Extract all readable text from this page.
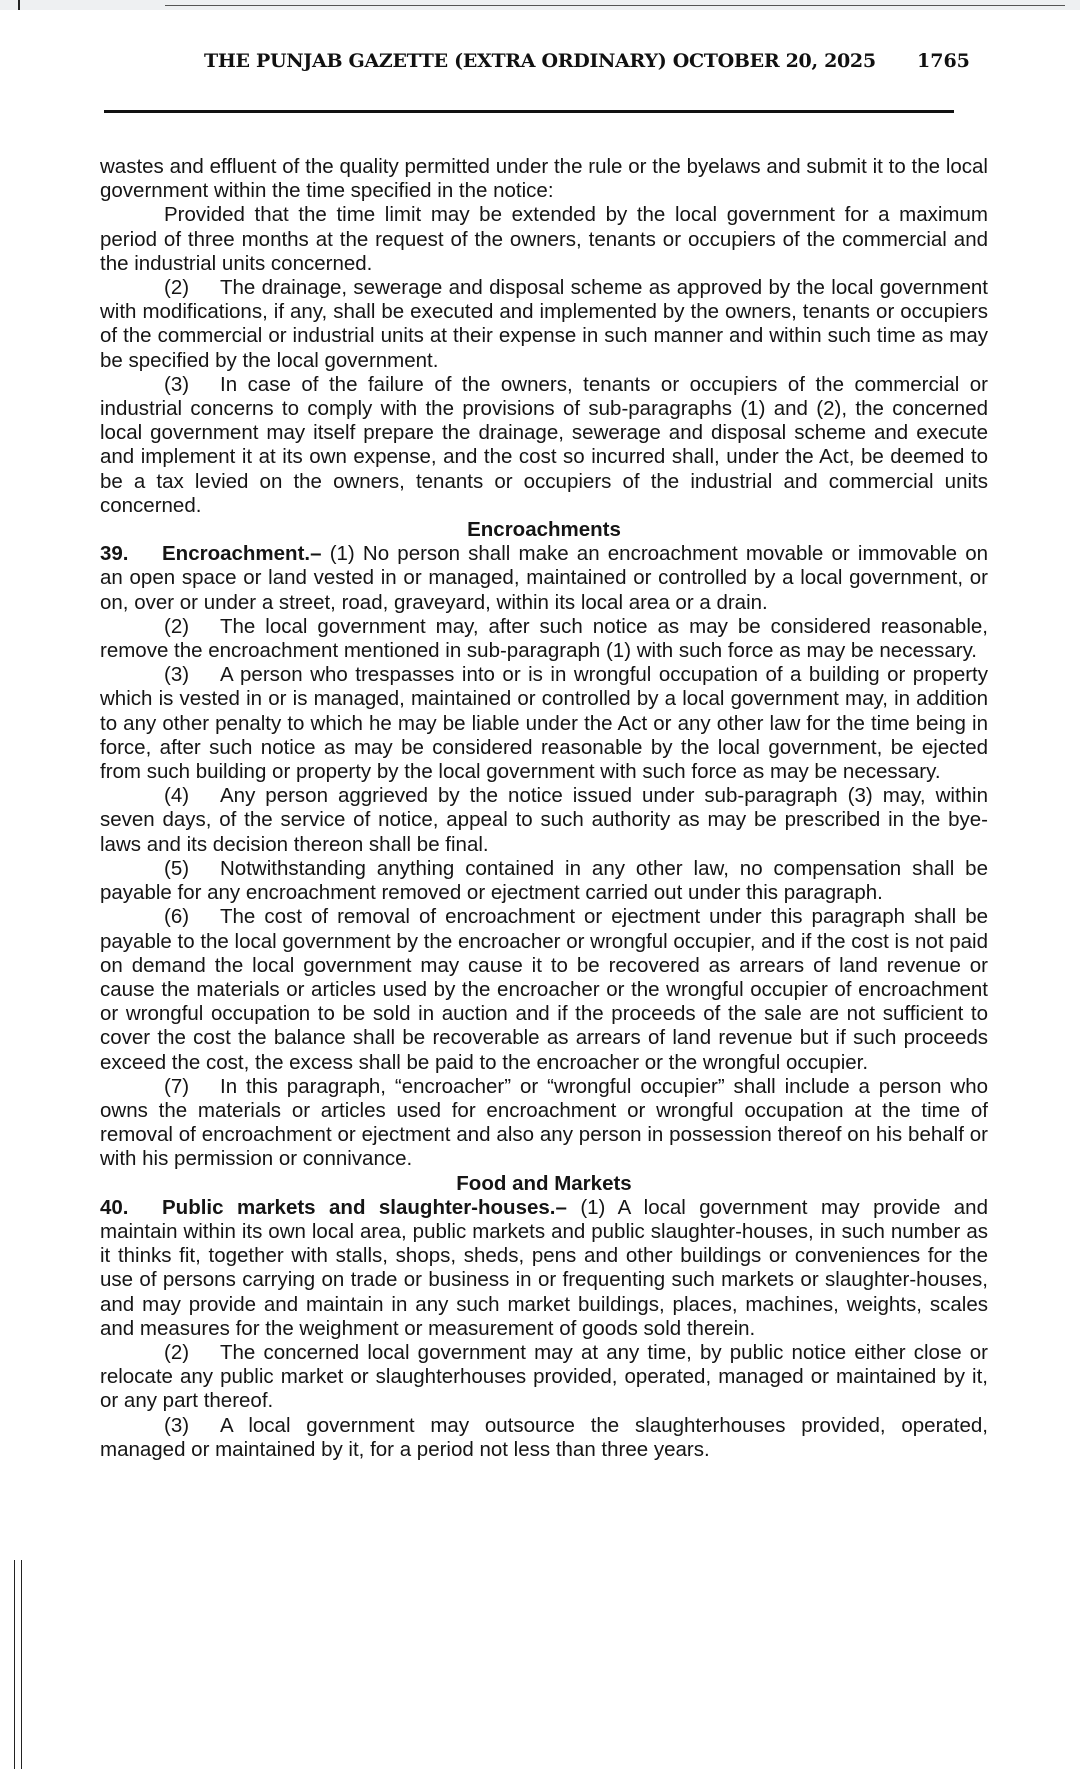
THE PUNJAB GAZETTE (EXTRA ORDINARY) OCTOBER 20, 2025 1765

wastes and effluent of the quality permitted under the rule or the byelaws and submit it to the local government within the time specified in the notice:

Provided that the time limit may be extended by the local government for a maximum period of three months at the request of the owners, tenants or occupiers of the commercial and the industrial units concerned.

(2) The drainage, sewerage and disposal scheme as approved by the local government with modifications, if any, shall be executed and implemented by the owners, tenants or occupiers of the commercial or industrial units at their expense in such manner and within such time as may be specified by the local government.

(3) In case of the failure of the owners, tenants or occupiers of the commercial or industrial concerns to comply with the provisions of sub-paragraphs (1) and (2), the concerned local government may itself prepare the drainage, sewerage and disposal scheme and execute and implement it at its own expense, and the cost so incurred shall, under the Act, be deemed to be a tax levied on the owners, tenants or occupiers of the industrial and commercial units concerned.

Encroachments

39. Encroachment.– (1) No person shall make an encroachment movable or immovable on an open space or land vested in or managed, maintained or controlled by a local government, or on, over or under a street, road, graveyard, within its local area or a drain.

(2) The local government may, after such notice as may be considered reasonable, remove the encroachment mentioned in sub-paragraph (1) with such force as may be necessary.

(3) A person who trespasses into or is in wrongful occupation of a building or property which is vested in or is managed, maintained or controlled by a local government may, in addition to any other penalty to which he may be liable under the Act or any other law for the time being in force, after such notice as may be considered reasonable by the local government, be ejected from such building or property by the local government with such force as may be necessary.

(4) Any person aggrieved by the notice issued under sub-paragraph (3) may, within seven days, of the service of notice, appeal to such authority as may be prescribed in the bye-laws and its decision thereon shall be final.

(5) Notwithstanding anything contained in any other law, no compensation shall be payable for any encroachment removed or ejectment carried out under this paragraph.

(6) The cost of removal of encroachment or ejectment under this paragraph shall be payable to the local government by the encroacher or wrongful occupier, and if the cost is not paid on demand the local government may cause it to be recovered as arrears of land revenue or cause the materials or articles used by the encroacher or the wrongful occupier of encroachment or wrongful occupation to be sold in auction and if the proceeds of the sale are not sufficient to cover the cost the balance shall be recoverable as arrears of land revenue but if such proceeds exceed the cost, the excess shall be paid to the encroacher or the wrongful occupier.

(7) In this paragraph, “encroacher” or “wrongful occupier” shall include a person who owns the materials or articles used for encroachment or wrongful occupation at the time of removal of encroachment or ejectment and also any person in possession thereof on his behalf or with his permission or connivance.

Food and Markets

40. Public markets and slaughter-houses.– (1) A local government may provide and maintain within its own local area, public markets and public slaughter-houses, in such number as it thinks fit, together with stalls, shops, sheds, pens and other buildings or conveniences for the use of persons carrying on trade or business in or frequenting such markets or slaughter-houses, and may provide and maintain in any such market buildings, places, machines, weights, scales and measures for the weighment or measurement of goods sold therein.

(2) The concerned local government may at any time, by public notice either close or relocate any public market or slaughterhouses provided, operated, managed or maintained by it, or any part thereof.

(3) A local government may outsource the slaughterhouses provided, operated, managed or maintained by it, for a period not less than three years.
